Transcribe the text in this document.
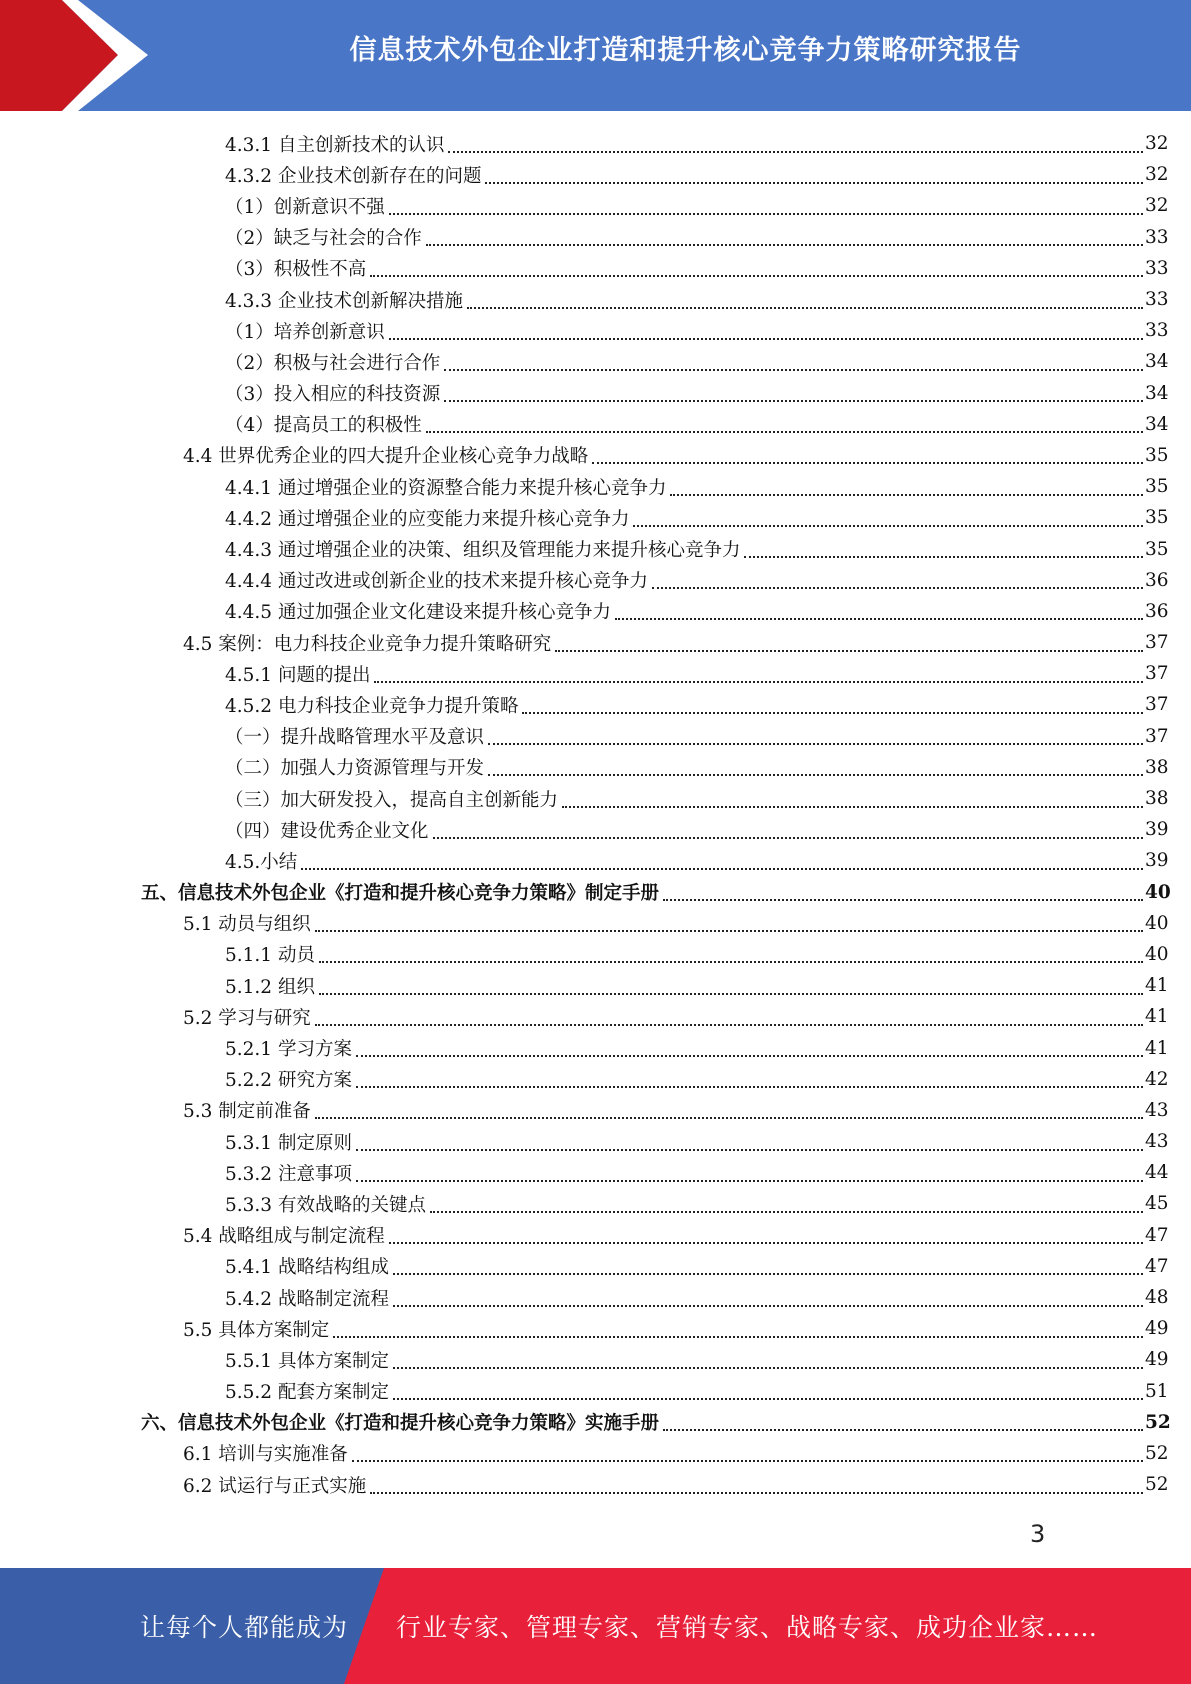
信息技术外包企业打造和提升核心竞争力策略研究报告
4.3.1 自主创新技术的认识	32
4.3.2 企业技术创新存在的问题	32
（1）创新意识不强	32
（2）缺乏与社会的合作	33
（3）积极性不高	33
4.3.3 企业技术创新解决措施	33
（1）培养创新意识	33
（2）积极与社会进行合作	34
（3）投入相应的科技资源	34
（4）提高员工的积极性	34
4.4 世界优秀企业的四大提升企业核心竞争力战略	35
4.4.1 通过增强企业的资源整合能力来提升核心竞争力	35
4.4.2 通过增强企业的应变能力来提升核心竞争力	35
4.4.3 通过增强企业的决策、组织及管理能力来提升核心竞争力	35
4.4.4 通过改进或创新企业的技术来提升核心竞争力	36
4.4.5 通过加强企业文化建设来提升核心竞争力	36
4.5 案例：电力科技企业竞争力提升策略研究	37
4.5.1 问题的提出	37
4.5.2 电力科技企业竞争力提升策略	37
（一）提升战略管理水平及意识	37
（二）加强人力资源管理与开发	38
（三）加大研发投入，提高自主创新能力	38
（四）建设优秀企业文化	39
4.5.小结	39
五、信息技术外包企业《打造和提升核心竞争力策略》制定手册	40
5.1 动员与组织	40
5.1.1 动员	40
5.1.2 组织	41
5.2 学习与研究	41
5.2.1 学习方案	41
5.2.2 研究方案	42
5.3 制定前准备	43
5.3.1 制定原则	43
5.3.2 注意事项	44
5.3.3 有效战略的关键点	45
5.4 战略组成与制定流程	47
5.4.1 战略结构组成	47
5.4.2 战略制定流程	48
5.5 具体方案制定	49
5.5.1 具体方案制定	49
5.5.2 配套方案制定	51
六、信息技术外包企业《打造和提升核心竞争力策略》实施手册	52
6.1 培训与实施准备	52
6.2 试运行与正式实施	52
3
让每个人都能成为 行业专家、管理专家、营销专家、战略专家、成功企业家……
